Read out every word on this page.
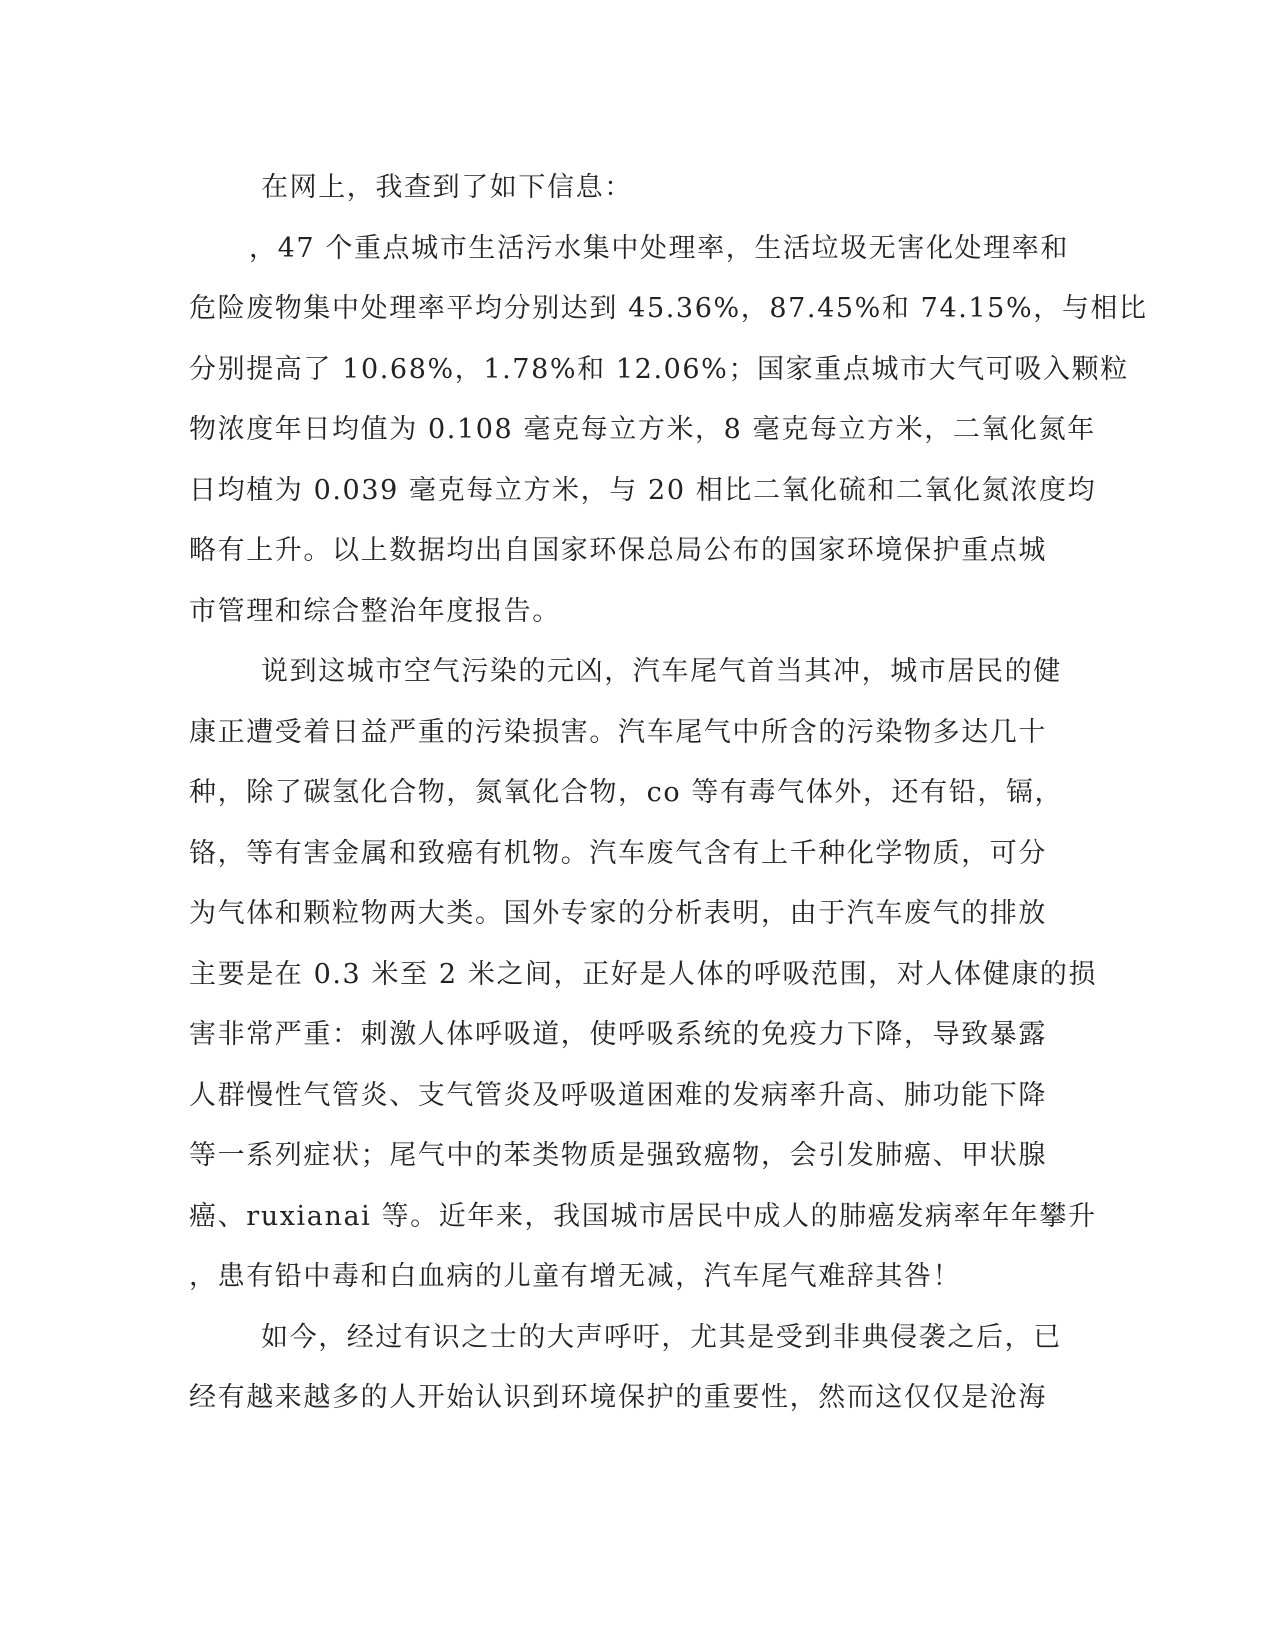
在网上，我查到了如下信息：
，47 个重点城市生活污水集中处理率，生活垃圾无害化处理率和
危险废物集中处理率平均分别达到 45.36%，87.45%和 74.15%，与相比
分别提高了 10.68%，1.78%和 12.06%；国家重点城市大气可吸入颗粒
物浓度年日均值为 0.108 毫克每立方米，8 毫克每立方米，二氧化氮年
日均植为 0.039 毫克每立方米，与 20 相比二氧化硫和二氧化氮浓度均
略有上升。以上数据均出自国家环保总局公布的国家环境保护重点城
市管理和综合整治年度报告。
说到这城市空气污染的元凶，汽车尾气首当其冲，城市居民的健
康正遭受着日益严重的污染损害。汽车尾气中所含的污染物多达几十
种，除了碳氢化合物，氮氧化合物，co 等有毒气体外，还有铅，镉，
铬，等有害金属和致癌有机物。汽车废气含有上千种化学物质，可分
为气体和颗粒物两大类。国外专家的分析表明，由于汽车废气的排放
主要是在 0.3 米至 2 米之间，正好是人体的呼吸范围，对人体健康的损
害非常严重：刺激人体呼吸道，使呼吸系统的免疫力下降，导致暴露
人群慢性气管炎、支气管炎及呼吸道困难的发病率升高、肺功能下降
等一系列症状；尾气中的苯类物质是强致癌物，会引发肺癌、甲状腺
癌、ruxianai 等。近年来，我国城市居民中成人的肺癌发病率年年攀升
，患有铅中毒和白血病的儿童有增无减，汽车尾气难辞其咎！
如今，经过有识之士的大声呼吁，尤其是受到非典侵袭之后，已
经有越来越多的人开始认识到环境保护的重要性，然而这仅仅是沧海
